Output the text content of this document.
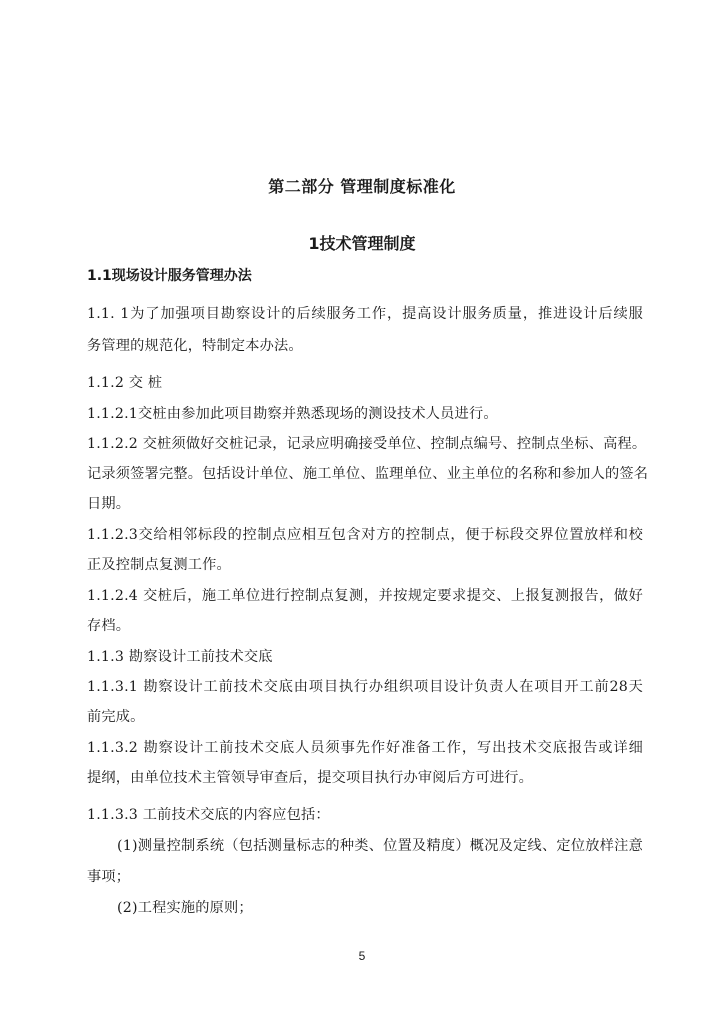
第二部分 管理制度标准化
1技术管理制度
1.1现场设计服务管理办法
1.1. 1为了加强项目勘察设计的后续服务工作，提高设计服务质量，推进设计后续服
务管理的规范化，特制定本办法。
1.1.2 交 桩
1.1.2.1交桩由参加此项目勘察并熟悉现场的测设技术人员进行。
1.1.2.2 交桩须做好交桩记录，记录应明确接受单位、控制点编号、控制点坐标、高程。
记录须签署完整。包括设计单位、施工单位、监理单位、业主单位的名称和参加人的签名
日期。
1.1.2.3交给相邻标段的控制点应相互包含对方的控制点，便于标段交界位置放样和校
正及控制点复测工作。
1.1.2.4 交桩后，施工单位进行控制点复测，并按规定要求提交、上报复测报告，做好
存档。
1.1.3 勘察设计工前技术交底
1.1.3.1 勘察设计工前技术交底由项目执行办组织项目设计负责人在项目开工前28天
前完成。
1.1.3.2 勘察设计工前技术交底人员须事先作好准备工作，写出技术交底报告或详细
提纲，由单位技术主管领导审查后，提交项目执行办审阅后方可进行。
1.1.3.3 工前技术交底的内容应包括：
(1)测量控制系统（包括测量标志的种类、位置及精度）概况及定线、定位放样注意
事项；
(2)工程实施的原则；
5
